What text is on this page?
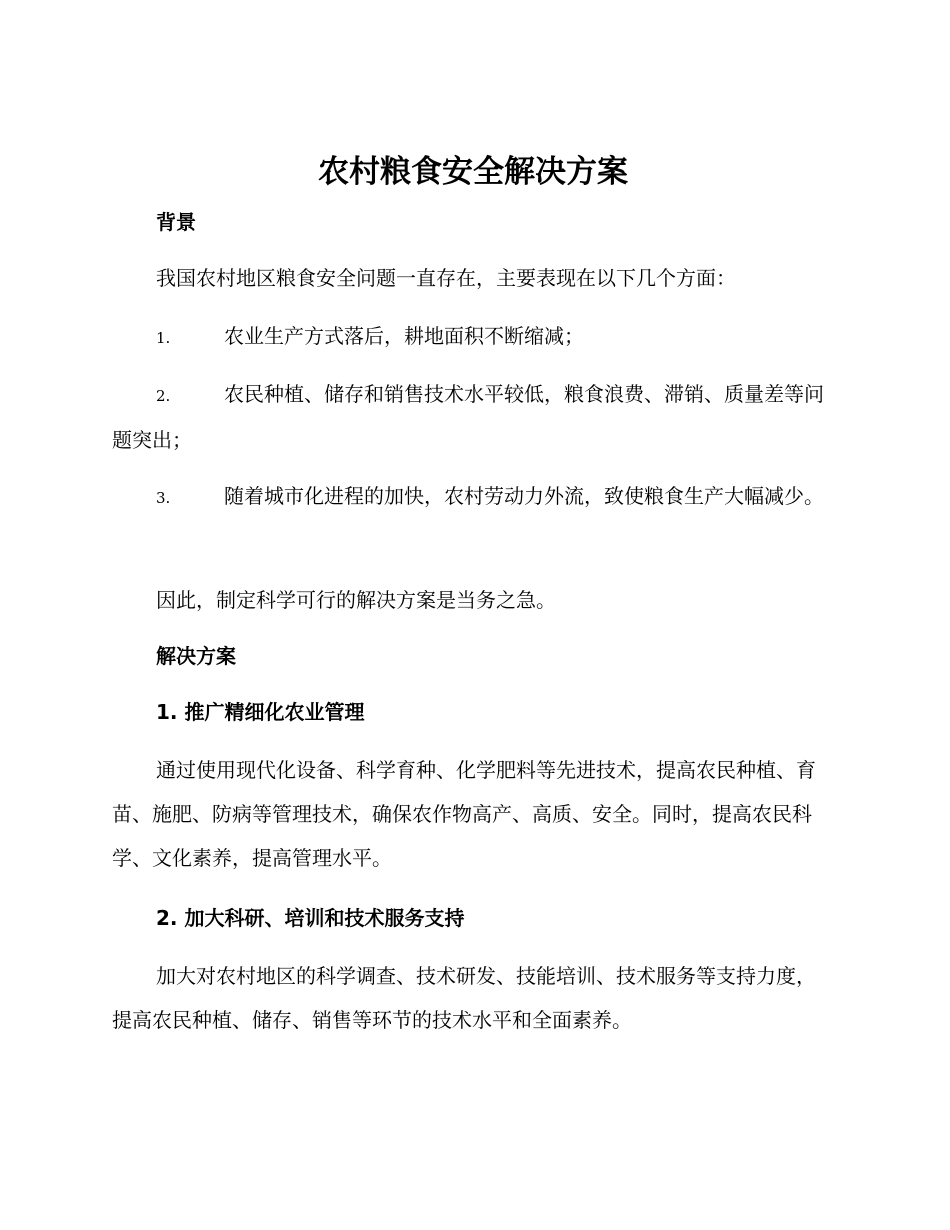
农村粮食安全解决方案

背景

我国农村地区粮食安全问题一直存在，主要表现在以下几个方面：

1.	农业生产方式落后，耕地面积不断缩减；

2.	农民种植、储存和销售技术水平较低，粮食浪费、滞销、质量差等问题突出；

3.	随着城市化进程的加快，农村劳动力外流，致使粮食生产大幅减少。

因此，制定科学可行的解决方案是当务之急。

解决方案

1. 推广精细化农业管理

通过使用现代化设备、科学育种、化学肥料等先进技术，提高农民种植、育苗、施肥、防病等管理技术，确保农作物高产、高质、安全。同时，提高农民科学、文化素养，提高管理水平。

2. 加大科研、培训和技术服务支持

加大对农村地区的科学调查、技术研发、技能培训、技术服务等支持力度，提高农民种植、储存、销售等环节的技术水平和全面素养。
